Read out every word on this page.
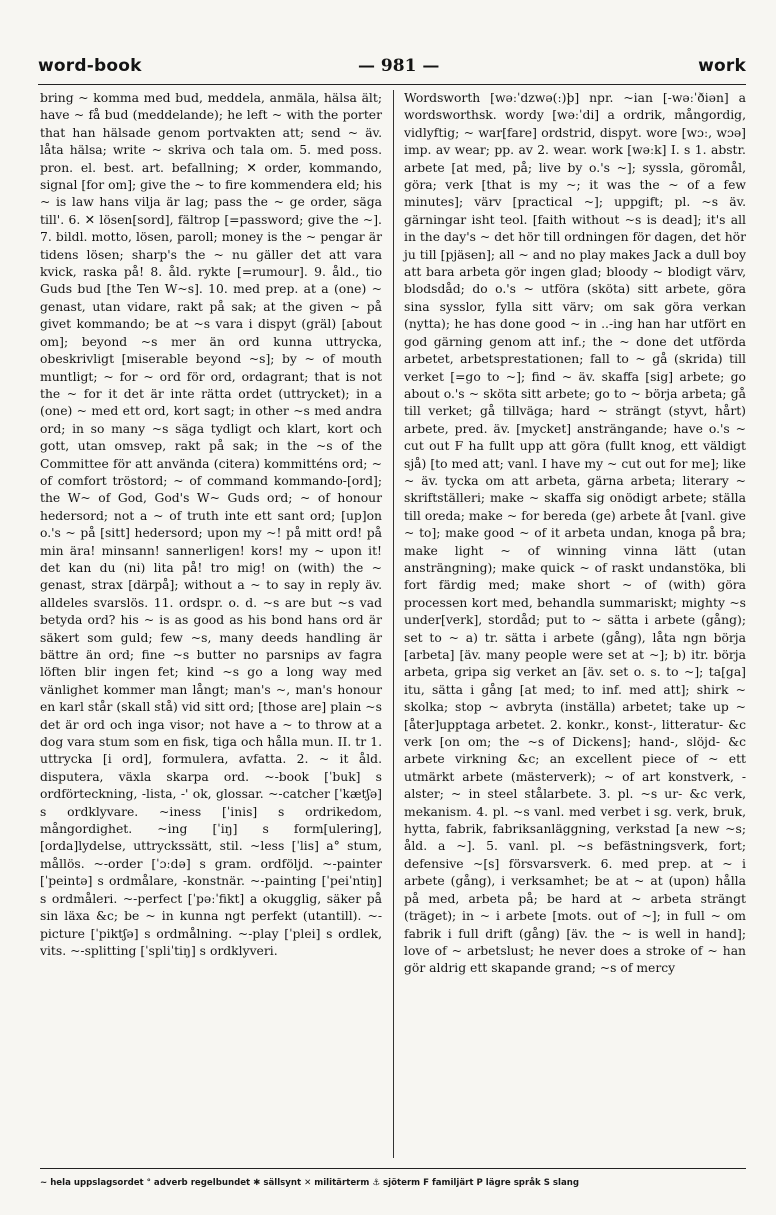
word-book	— 981 —	work

bring ~ komma med bud, meddela, anmäla, hälsa ält; have ~ få bud (meddelande); he left ~ with the porter that han hälsade genom portvakten att; send ~ äv. låta hälsa; write ~ skriva och tala om. 5. med poss. pron. el. best. art. befallning; ✕ order, kommando, signal [for om]; give the ~ to fire kommendera eld; his ~ is law hans vilja är lag; pass the ~ ge order, säga till'. 6. ✕ lösen[sord], fältrop [=password; give the ~]. 7. bildl. motto, lösen, paroll; money is the ~ pengar är tidens lösen; sharp's the ~ nu gäller det att vara kvick, raska på! 8. åld. rykte [=rumour]. 9. åld., tio Guds bud [the Ten W~s]. 10. med prep. at a (one) ~ genast, utan vidare, rakt på sak; at the given ~ på givet kommando; be at ~s vara i dispyt (gräl) [about om]; beyond ~s mer än ord kunna uttrycka, obeskrivligt [miserable beyond ~s]; by ~ of mouth muntligt; ~ for ~ ord för ord, ordagrant; that is not the ~ for it det är inte rätta ordet (uttrycket); in a (one) ~ med ett ord, kort sagt; in other ~s med andra ord; in so many ~s säga tydligt och klart, kort och gott, utan omsvep, rakt på sak; in the ~s of the Committee för att använda (citera) kommitténs ord; ~ of comfort tröstord; ~ of command kommando-[ord]; the W~ of God, God's W~ Guds ord; ~ of honour hedersord; not a ~ of truth inte ett sant ord; [up]on o.'s ~ på [sitt] hedersord; upon my ~! på mitt ord! på min ära! minsann! sannerligen! kors! my ~ upon it! det kan du (ni) lita på! tro mig! on (with) the ~ genast, strax [därpå]; without a ~ to say in reply äv. alldeles svarslös. 11. ordspr. o. d. ~s are but ~s vad betyda ord? his ~ is as good as his bond hans ord är säkert som guld; few ~s, many deeds handling är bättre än ord; fine ~s butter no parsnips av fagra löften blir ingen fet; kind ~s go a long way med vänlighet kommer man långt; man's ~, man's honour en karl står (skall stå) vid sitt ord; [those are] plain ~s det är ord och inga visor; not have a ~ to throw at a dog vara stum som en fisk, tiga och hålla mun. II. tr 1. uttrycka [i ord], formulera, avfatta. 2. ~ it åld. disputera, växla skarpa ord. ~-book [ˈbuk] s ordförteckning, -lista, -' ok, glossar. ~-catcher [ˈkætʃə] s ordklyvare. ~iness [ˈinis] s ordrikedom, mångordighet. ~ing [ˈiŋ] s form[ulering], [orda]lydelse, uttryckssätt, stil. ~less [ˈlis] a° stum, mållös. ~-order [ˈɔːdə] s gram. ordföljd. ~-painter [ˈpeintə] s ordmålare, -konstnär. ~-painting [ˈpeiˈntiŋ] s ordmåleri. ~-perfect [ˈpəːˈfikt] a okugglig, säker på sin läxa &c; be ~ in kunna ngt perfekt (utantill). ~-picture [ˈpiktʃə] s ordmålning. ~-play [ˈplei] s ordlek, vits. ~-splitting [ˈspliˈtiŋ] s ordklyveri.

Wordsworth [wəːˈdzwə(ː)þ] npr. ~ian [-wəːˈðiən] a wordsworthsk. wordy [wəːˈdi] a ordrik, mångordig, vidlyftig; ~ war[fare] ordstrid, dispyt. wore [wɔː, wɔə] imp. av wear; pp. av 2. wear. work [wəːk] I. s 1. abstr. arbete [at med, på; live by o.'s ~]; syssla, göromål, göra; verk [that is my ~; it was the ~ of a few minutes]; värv [practical ~]; uppgift; pl. ~s äv. gärningar isht teol. [faith without ~s is dead]; it's all in the day's ~ det hör till ordningen för dagen, det hör ju till [pjäsen]; all ~ and no play makes Jack a dull boy att bara arbeta gör ingen glad; bloody ~ blodigt värv, blodsdåd; do o.'s ~ utföra (sköta) sitt arbete, göra sina sysslor, fylla sitt värv; om sak göra verkan (nytta); he has done good ~ in ..-ing han har utfört en god gärning genom att inf.; the ~ done det utförda arbetet, arbetsprestationen; fall to ~ gå (skrida) till verket [=go to ~]; find ~ äv. skaffa [sig] arbete; go about o.'s ~ sköta sitt arbete; go to ~ börja arbeta; gå till verket; gå tillväga; hard ~ strängt (styvt, hårt) arbete, pred. äv. [mycket] ansträngande; have o.'s ~ cut out F ha fullt upp att göra (fullt knog, ett väldigt sjå) [to med att; vanl. I have my ~ cut out for me]; like ~ äv. tycka om att arbeta, gärna arbeta; literary ~ skriftställeri; make ~ skaffa sig onödigt arbete; ställa till oreda; make ~ for bereda (ge) arbete åt [vanl. give ~ to]; make good ~ of it arbeta undan, knoga på bra; make light ~ of winning vinna lätt (utan ansträngning); make quick ~ of raskt undanstöka, bli fort färdig med; make short ~ of (with) göra processen kort med, behandla summariskt; mighty ~s under[verk], stordåd; put to ~ sätta i arbete (gång); set to ~ a) tr. sätta i arbete (gång), låta ngn börja [arbeta] [äv. many people were set at ~]; b) itr. börja arbeta, gripa sig verket an [äv. set o. s. to ~]; ta[ga] itu, sätta i gång [at med; to inf. med att]; shirk ~ skolka; stop ~ avbryta (inställa) arbetet; take up ~ [åter]upptaga arbetet. 2. konkr., konst-, litteratur- &c verk [on om; the ~s of Dickens]; hand-, slöjd- &c arbete virkning &c; an excellent piece of ~ ett utmärkt arbete (mästerverk); ~ of art konstverk, -alster; ~ in steel stålarbete. 3. pl. ~s ur- &c verk, mekanism. 4. pl. ~s vanl. med verbet i sg. verk, bruk, hytta, fabrik, fabriksanläggning, verkstad [a new ~s; åld. a ~]. 5. vanl. pl. ~s befästningsverk, fort; defensive ~[s] försvarsverk. 6. med prep. at ~ i arbete (gång), i verksamhet; be at ~ at (upon) hålla på med, arbeta på; be hard at ~ arbeta strängt (träget); in ~ i arbete [mots. out of ~]; in full ~ om fabrik i full drift (gång) [äv. the ~ is well in hand]; love of ~ arbetslust; he never does a stroke of ~ han gör aldrig ett skapande grand; ~s of mercy

~ hela uppslagsordet ° adverb regelbundet ✱ sällsynt ✕ militärterm ⚓ sjöterm F familjärt P lägre språk S slang
